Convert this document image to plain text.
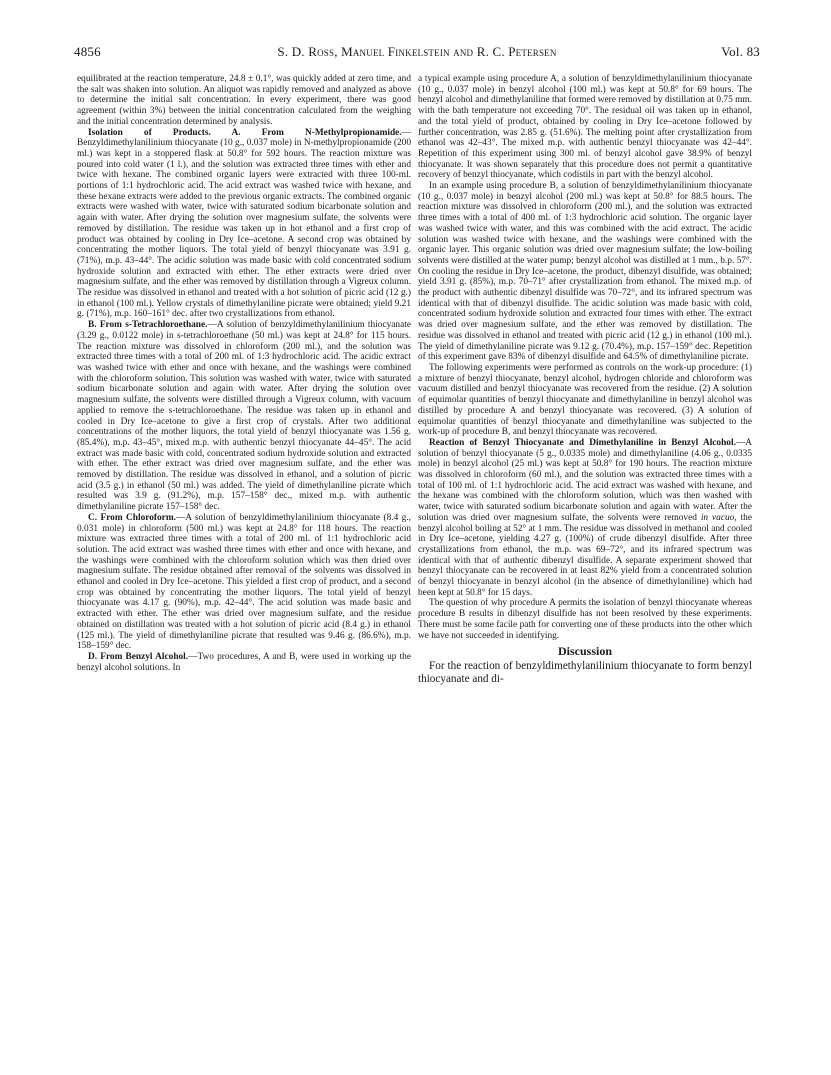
4856	S. D. Ross, Manuel Finkelstein and R. C. Petersen	Vol. 83

equilibrated at the reaction temperature, 24.8 ± 0.1°, was quickly added at zero time, and the salt was shaken into solution. An aliquot was rapidly removed and analyzed as above to determine the initial salt concentration. In every experiment, there was good agreement (within 3%) between the initial concentration calculated from the weighing and the initial concentration determined by analysis.

Isolation of Products. A. From N-Methylpropionamide.—Benzyldimethylanilinium thiocyanate (10 g., 0.037 mole) in N-methylpropionamide (200 ml.) was kept in a stoppered flask at 50.8° for 592 hours. The reaction mixture was poured into cold water (1 l.), and the solution was extracted three times with ether and twice with hexane. The combined organic layers were extracted with three 100-ml. portions of 1:1 hydrochloric acid. The acid extract was washed twice with hexane, and these hexane extracts were added to the previous organic extracts. The combined organic extracts were washed with water, twice with saturated sodium bicarbonate solution and again with water. After drying the solution over magnesium sulfate, the solvents were removed by distillation. The residue was taken up in hot ethanol and a first crop of product was obtained by cooling in Dry Ice–acetone. A second crop was obtained by concentrating the mother liquors. The total yield of benzyl thiocyanate was 3.91 g. (71%), m.p. 43–44°. The acidic solution was made basic with cold concentrated sodium hydroxide solution and extracted with ether. The ether extracts were dried over magnesium sulfate, and the ether was removed by distillation through a Vigreux column. The residue was dissolved in ethanol and treated with a hot solution of picric acid (12 g.) in ethanol (100 ml.). Yellow crystals of dimethylaniline picrate were obtained; yield 9.21 g. (71%), m.p. 160–161° dec. after two crystallizations from ethanol.

B. From s-Tetrachloroethane.—A solution of benzyldimethylanilinium thiocyanate (3.29 g., 0.0122 mole) in s-tetrachloroethane (50 ml.) was kept at 24.8° for 115 hours. The reaction mixture was dissolved in chloroform (200 ml.), and the solution was extracted three times with a total of 200 ml. of 1:3 hydrochloric acid. The acidic extract was washed twice with ether and once with hexane, and the washings were combined with the chloroform solution. This solution was washed with water, twice with saturated sodium bicarbonate solution and again with water. After drying the solution over magnesium sulfate, the solvents were distilled through a Vigreux column, with vacuum applied to remove the s-tetrachloroethane. The residue was taken up in ethanol and cooled in Dry Ice–acetone to give a first crop of crystals. After two additional concentrations of the mother liquors, the total yield of benzyl thiocyanate was 1.56 g. (85.4%), m.p. 43–45°, mixed m.p. with authentic benzyl thiocyanate 44–45°. The acid extract was made basic with cold, concentrated sodium hydroxide solution and extracted with ether. The ether extract was dried over magnesium sulfate, and the ether was removed by distillation. The residue was dissolved in ethanol, and a solution of picric acid (3.5 g.) in ethanol (50 ml.) was added. The yield of dimethylaniline picrate which resulted was 3.9 g. (91.2%), m.p. 157–158° dec., mixed m.p. with authentic dimethylaniline picrate 157–158° dec.

C. From Chloroform.—A solution of benzyldimethylanilinium thiocyanate (8.4 g., 0.031 mole) in chloroform (500 ml.) was kept at 24.8° for 118 hours. The reaction mixture was extracted three times with a total of 200 ml. of 1:1 hydrochloric acid solution. The acid extract was washed three times with ether and once with hexane, and the washings were combined with the chloroform solution which was then dried over magnesium sulfate. The residue obtained after removal of the solvents was dissolved in ethanol and cooled in Dry Ice–acetone. This yielded a first crop of product, and a second crop was obtained by concentrating the mother liquors. The total yield of benzyl thiocyanate was 4.17 g. (90%), m.p. 42–44°. The acid solution was made basic and extracted with ether. The ether was dried over magnesium sulfate, and the residue obtained on distillation was treated with a hot solution of picric acid (8.4 g.) in ethanol (125 ml.). The yield of dimethylaniline picrate that resulted was 9.46 g. (86.6%), m.p. 158–159° dec.

D. From Benzyl Alcohol.—Two procedures, A and B, were used in working up the benzyl alcohol solutions. In

a typical example using procedure A, a solution of benzyldimethylanilinium thiocyanate (10 g., 0.037 mole) in benzyl alcohol (100 ml.) was kept at 50.8° for 69 hours. The benzyl alcohol and dimethylaniline that formed were removed by distillation at 0.75 mm. with the bath temperature not exceeding 70°. The residual oil was taken up in ethanol, and the total yield of product, obtained by cooling in Dry Ice–acetone followed by further concentration, was 2.85 g. (51.6%). The melting point after crystallization from ethanol was 42–43°. The mixed m.p. with authentic benzyl thiocyanate was 42–44°. Repetition of this experiment using 300 ml. of benzyl alcohol gave 38.9% of benzyl thiocyanate. It was shown separately that this procedure does not permit a quantitative recovery of benzyl thiocyanate, which codistils in part with the benzyl alcohol.

In an example using procedure B, a solution of benzyldimethylanilinium thiocyanate (10 g., 0.037 mole) in benzyl alcohol (200 ml.) was kept at 50.8° for 88.5 hours. The reaction mixture was dissolved in chloroform (200 ml.), and the solution was extracted three times with a total of 400 ml. of 1:3 hydrochloric acid solution. The organic layer was washed twice with water, and this was combined with the acid extract. The acidic solution was washed twice with hexane, and the washings were combined with the organic layer. This organic solution was dried over magnesium sulfate; the low-boiling solvents were distilled at the water pump; benzyl alcohol was distilled at 1 mm., b.p. 57°. On cooling the residue in Dry Ice–acetone, the product, dibenzyl disulfide, was obtained; yield 3.91 g. (85%), m.p. 70–71° after crystallization from ethanol. The mixed m.p. of the product with authentic dibenzyl disulfide was 70–72°, and its infrared spectrum was identical with that of dibenzyl disulfide. The acidic solution was made basic with cold, concentrated sodium hydroxide solution and extracted four times with ether. The extract was dried over magnesium sulfate, and the ether was removed by distillation. The residue was dissolved in ethanol and treated with picric acid (12 g.) in ethanol (100 ml.). The yield of dimethylaniline picrate was 9.12 g. (70.4%), m.p. 157–159° dec. Repetition of this experiment gave 83% of dibenzyl disulfide and 64.5% of dimethylaniline picrate.

The following experiments were performed as controls on the work-up procedure: (1) a mixture of benzyl thiocyanate, benzyl alcohol, hydrogen chloride and chloroform was vacuum distilled and benzyl thiocyanate was recovered from the residue. (2) A solution of equimolar quantities of benzyl thiocyanate and dimethylaniline in benzyl alcohol was distilled by procedure A and benzyl thiocyanate was recovered. (3) A solution of equimolar quantities of benzyl thiocyanate and dimethylaniline was subjected to the work-up of procedure B, and benzyl thiocyanate was recovered.

Reaction of Benzyl Thiocyanate and Dimethylaniline in Benzyl Alcohol.—A solution of benzyl thiocyanate (5 g., 0.0335 mole) and dimethylaniline (4.06 g., 0.0335 mole) in benzyl alcohol (25 ml.) was kept at 50.8° for 190 hours. The reaction mixture was dissolved in chloroform (60 ml.), and the solution was extracted three times with a total of 100 ml. of 1:1 hydrochloric acid. The acid extract was washed with hexane, and the hexane was combined with the chloroform solution, which was then washed with water, twice with saturated sodium bicarbonate solution and again with water. After the solution was dried over magnesium sulfate, the solvents were removed in vacuo, the benzyl alcohol boiling at 52° at 1 mm. The residue was dissolved in methanol and cooled in Dry Ice–acetone, yielding 4.27 g. (100%) of crude dibenzyl disulfide. After three crystallizations from ethanol, the m.p. was 69–72°, and its infrared spectrum was identical with that of authentic dibenzyl disulfide. A separate experiment showed that benzyl thiocyanate can be recovered in at least 82% yield from a concentrated solution of benzyl thiocyanate in benzyl alcohol (in the absence of dimethylaniline) which had been kept at 50.8° for 15 days.

The question of why procedure A permits the isolation of benzyl thiocyanate whereas procedure B results in dibenzyl disulfide has not been resolved by these experiments. There must be some facile path for converting one of these products into the other which we have not succeeded in identifying.

Discussion

For the reaction of benzyldimethylanilinium thiocyanate to form benzyl thiocyanate and di-
